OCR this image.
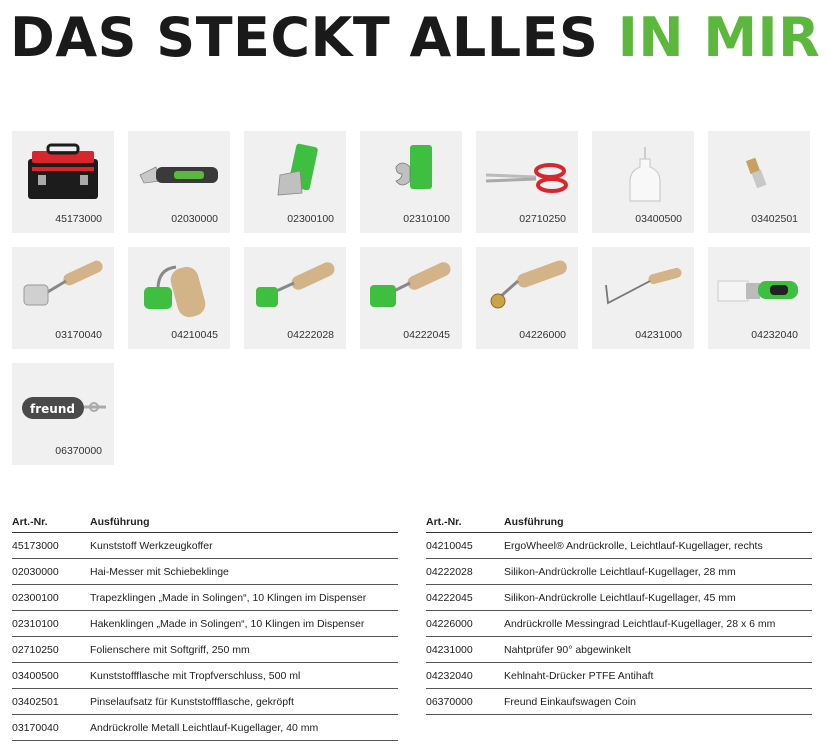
DAS STECKT ALLES IN MIR
45173000	02030000	02300100	02310100	02710250	03400500	03402501
03170040	04210045	04222028	04222045	04226000	04231000	04232040
freund
06370000
Art.-Nr.	Ausführung
45173000	Kunststoff Werkzeugkoffer
02030000	Hai-Messer mit Schiebeklinge
02300100	Trapezklingen „Made in Solingen“, 10 Klingen im Dispenser
02310100	Hakenklingen „Made in Solingen“, 10 Klingen im Dispenser
02710250	Folienschere mit Softgriff, 250 mm
03400500	Kunststoffflasche mit Tropfverschluss, 500 ml
03402501	Pinselaufsatz für Kunststoffflasche, gekröpft
03170040	Andrückrolle Metall Leichtlauf-Kugellager, 40 mm
Art.-Nr.	Ausführung
04210045	ErgoWheel® Andrückrolle, Leichtlauf-Kugellager, rechts
04222028	Silikon-Andrückrolle Leichtlauf-Kugellager, 28 mm
04222045	Silikon-Andrückrolle Leichtlauf-Kugellager, 45 mm
04226000	Andrückrolle Messingrad Leichtlauf-Kugellager, 28 x 6 mm
04231000	Nahtprüfer 90° abgewinkelt
04232040	Kehlnaht-Drücker PTFE Antihaft
06370000	Freund Einkaufswagen Coin
